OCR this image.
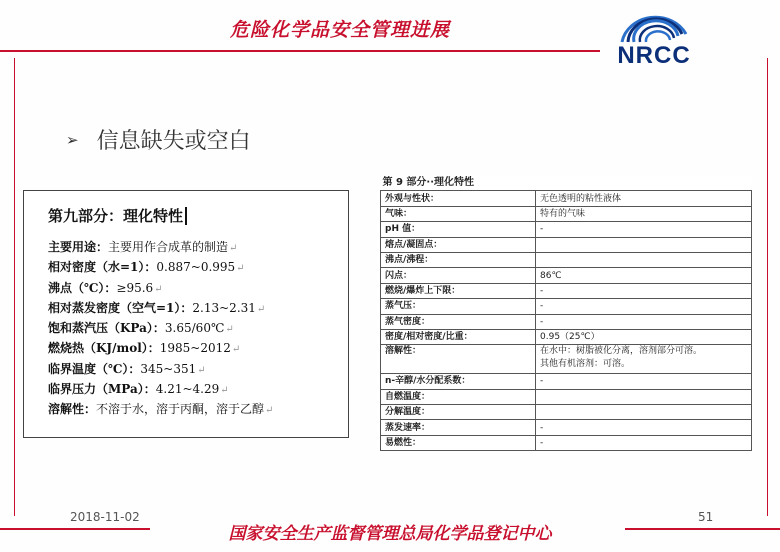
危险化学品安全管理进展
NRCC
➢ 信息缺失或空白
第九部分：理化特性
主要用途：主要用作合成革的制造↵
相对密度（水=1）：0.887~0.995↵
沸点（℃）：≥95.6↵
相对蒸发密度（空气=1）：2.13~2.31↵
饱和蒸汽压（KPa）：3.65/60℃↵
燃烧热（KJ/mol）：1985~2012↵
临界温度（℃）：345~351↵
临界压力（MPa）：4.21~4.29↵
溶解性：不溶于水，溶于丙酮，溶于乙醇↵
第 9 部分··理化特性	
外观与性状：	无色透明的粘性液体
气味：	特有的气味
pH 值：	-
熔点/凝固点：	
沸点/沸程：	
闪点：	86℃
燃烧/爆炸上下限：	-
蒸气压：	-
蒸气密度：	-
密度/相对密度/比重：	0.95（25℃）
溶解性：	在水中：树脂被化分离，溶剂部分可溶。
其他有机溶剂：可溶。
n-辛醇/水分配系数：	-
自燃温度：	
分解温度：	
蒸发速率：	-
易燃性：	-
2018-11-02	51
国家安全生产监督管理总局化学品登记中心
